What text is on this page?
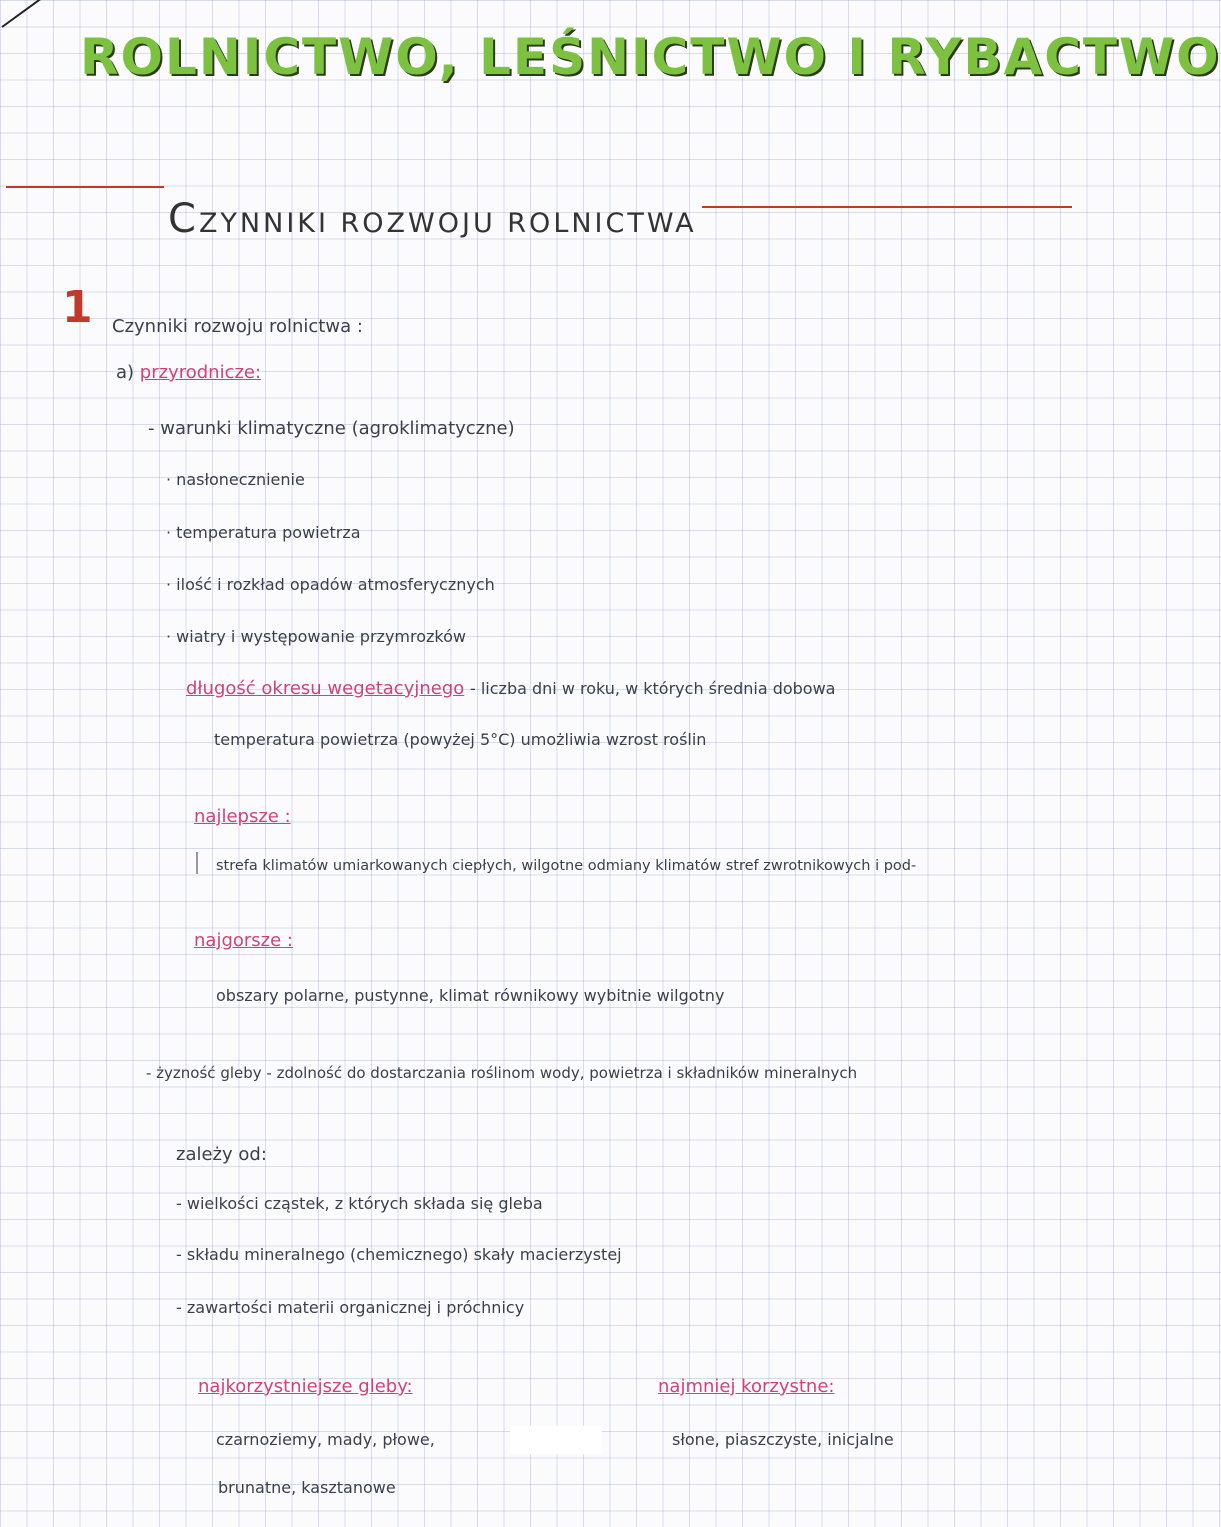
ROLNICTWO, LEŚNICTWO I RYBACTWO
CZYNNIKI ROZWOJU ROLNICTWA
1 Czynniki rozwoju rolnictwa :
a) przyrodnicze:
- warunki klimatyczne (agroklimatyczne)
· nasłonecznienie
· temperatura powietrza
· ilość i rozkład opadów atmosferycznych
· wiatry i występowanie przymrozków
długość okresu wegetacyjnego - liczba dni w roku, w których średnia dobowa
temperatura powietrza (powyżej 5°C) umożliwia wzrost roślin
najlepsze :
strefa klimatów umiarkowanych ciepłych, wilgotne odmiany klimatów stref zwrotnikowych i pod-
najgorsze :
obszary polarne, pustynne, klimat równikowy wybitnie wilgotny
- żyzność gleby - zdolność do dostarczania roślinom wody, powietrza i składników mineralnych
zależy od:
- wielkości cząstek, z których składa się gleba
- składu mineralnego (chemicznego) skały macierzystej
- zawartości materii organicznej i próchnicy
najkorzystniejsze gleby:
czarnoziemy, mady, płowe,
brunatne, kasztanowe
najmniej korzystne:
słone, piaszczyste, inicjalne
